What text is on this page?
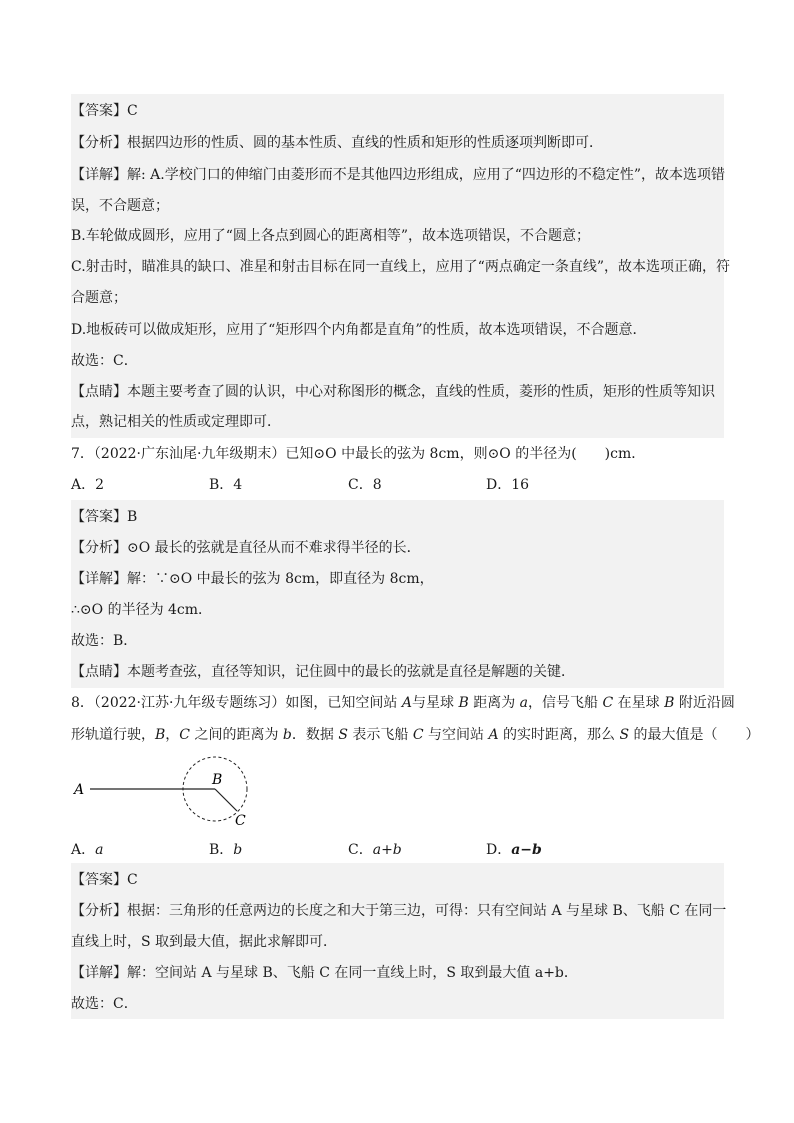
【答案】C
【分析】根据四边形的性质、圆的基本性质、直线的性质和矩形的性质逐项判断即可．
【详解】解: A.学校门口的伸缩门由菱形而不是其他四边形组成，应用了“四边形的不稳定性”，故本选项错
误，不合题意；
B.车轮做成圆形，应用了“圆上各点到圆心的距离相等”，故本选项错误，不合题意；
C.射击时，瞄准具的缺口、准星和射击目标在同一直线上，应用了“两点确定一条直线”，故本选项正确，符
合题意；
D.地板砖可以做成矩形，应用了“矩形四个内角都是直角”的性质，故本选项错误，不合题意．
故选：C．
【点睛】本题主要考查了圆的认识，中心对称图形的概念，直线的性质，菱形的性质，矩形的性质等知识
点，熟记相关的性质或定理即可．
7．（2022·广东汕尾·九年级期末）已知⊙O 中最长的弦为 8cm，则⊙O 的半径为(　　)cm．
A．2	B．4	C．8	D．16
【答案】B
【分析】⊙O 最长的弦就是直径从而不难求得半径的长．
【详解】解：∵⊙O 中最长的弦为 8cm，即直径为 8cm，
∴⊙O 的半径为 4cm．
故选：B．
【点睛】本题考查弦，直径等知识，记住圆中的最长的弦就是直径是解题的关键．
8．（2022·江苏·九年级专题练习）如图，已知空间站 A与星球 B 距离为 a，信号飞船 C 在星球 B 附近沿圆
形轨道行驶，B，C 之间的距离为 b．数据 S 表示飞船 C 与空间站 A 的实时距离，那么 S 的最大值是（　　）
A
B
C
A．a	B．b	C．a+b	D．a−b
【答案】C
【分析】根据：三角形的任意两边的长度之和大于第三边，可得：只有空间站 A 与星球 B、飞船 C 在同一
直线上时，S 取到最大值，据此求解即可．
【详解】解：空间站 A 与星球 B、飞船 C 在同一直线上时，S 取到最大值 a+b．
故选：C．
